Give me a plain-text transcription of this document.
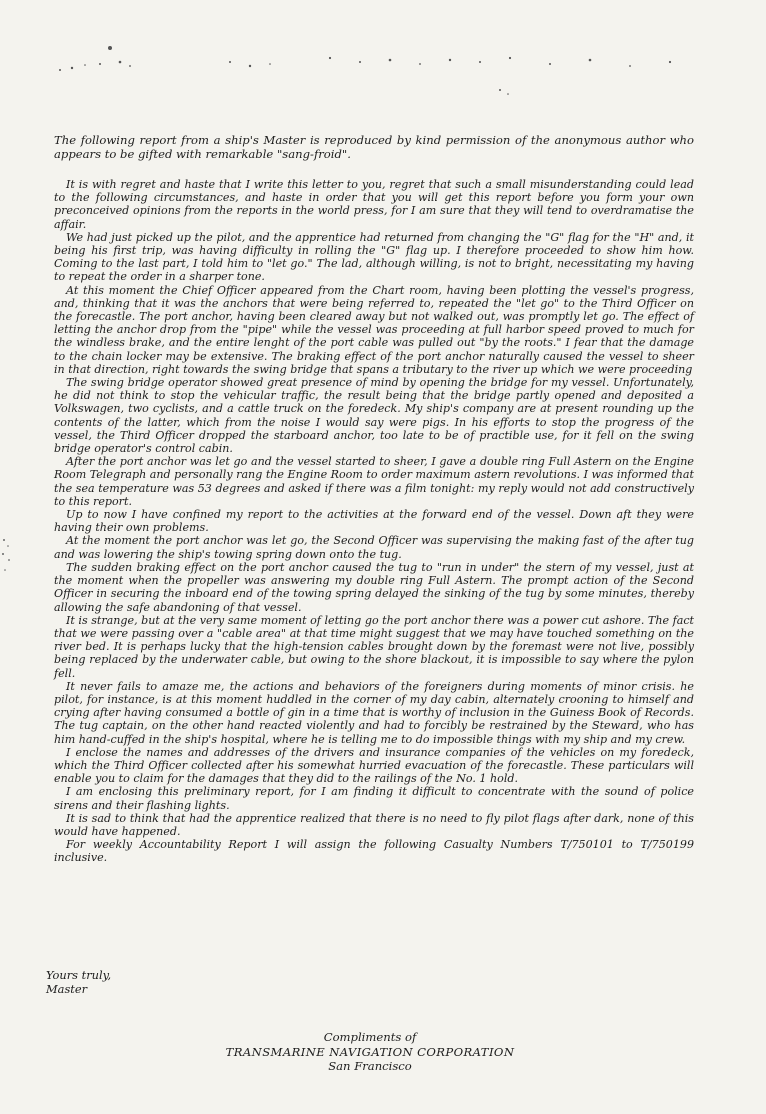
The following report from a ship's Master is reproduced by kind permission of the anonymous author who appears to be gifted with remarkable "sang-froid".

It is with regret and haste that I write this letter to you, regret that such a small misunderstanding could lead to the following circumstances, and haste in order that you will get this report before you form your own preconceived opinions from the reports in the world press, for I am sure that they will tend to overdramatise the affair.

We had just picked up the pilot, and the apprentice had returned from changing the "G" flag for the "H" and, it being his first trip, was having difficulty in rolling the "G" flag up. I therefore proceeded to show him how. Coming to the last part, I told him to "let go." The lad, although willing, is not to bright, necessitating my having to repeat the order in a sharper tone.

At this moment the Chief Officer appeared from the Chart room, having been plotting the vessel's progress, and, thinking that it was the anchors that were being referred to, repeated the "let go" to the Third Officer on the forecastle. The port anchor, having been cleared away but not walked out, was promptly let go. The effect of letting the anchor drop from the "pipe" while the vessel was proceeding at full harbor speed proved to much for the windless brake, and the entire lenght of the port cable was pulled out "by the roots." I fear that the damage to the chain locker may be extensive. The braking effect of the port anchor naturally caused the vessel to sheer in that direction, right towards the swing bridge that spans a tributary to the river up which we were proceeding

The swing bridge operator showed great presence of mind by opening the bridge for my vessel. Unfortunately, he did not think to stop the vehicular traffic, the result being that the bridge partly opened and deposited a Volkswagen, two cyclists, and a cattle truck on the foredeck. My ship's company are at present rounding up the contents of the latter, which from the noise I would say were pigs. In his efforts to stop the progress of the vessel, the Third Officer dropped the starboard anchor, too late to be of practible use, for it fell on the swing bridge operator's control cabin.

After the port anchor was let go and the vessel started to sheer, I gave a double ring Full Astern on the Engine Room Telegraph and personally rang the Engine Room to order maximum astern revolutions. I was informed that the sea temperature was 53 degrees and asked if there was a film tonight: my reply would not add constructively to this report.

Up to now I have confined my report to the activities at the forward end of the vessel. Down aft they were having their own problems.

At the moment the port anchor was let go, the Second Officer was supervising the making fast of the after tug and was lowering the ship's towing spring down onto the tug.

The sudden braking effect on the port anchor caused the tug to "run in under" the stern of my vessel, just at the moment when the propeller was answering my double ring Full Astern. The prompt action of the Second Officer in securing the inboard end of the towing spring delayed the sinking of the tug by some minutes, thereby allowing the safe abandoning of that vessel.

It is strange, but at the very same moment of letting go the port anchor there was a power cut ashore. The fact that we were passing over a "cable area" at that time might suggest that we may have touched something on the river bed. It is perhaps lucky that the high-tension cables brought down by the foremast were not live, possibly being replaced by the underwater cable, but owing to the shore blackout, it is impossible to say where the pylon fell.

It never fails to amaze me, the actions and behaviors of the foreigners during moments of minor crisis. he pilot, for instance, is at this moment huddled in the corner of my day cabin, alternately crooning to himself and crying after having consumed a bottle of gin in a time that is worthy of inclusion in the Guiness Book of Records. The tug captain, on the other hand reacted violently and had to forcibly be restrained by the Steward, who has him hand-cuffed in the ship's hospital, where he is telling me to do impossible things with my ship and my crew.

I enclose the names and addresses of the drivers and insurance companies of the vehicles on my foredeck, which the Third Officer collected after his somewhat hurried evacuation of the forecastle. These particulars will enable you to claim for the damages that they did to the railings of the No. 1 hold.

I am enclosing this preliminary report, for I am finding it difficult to concentrate with the sound of police sirens and their flashing lights.

It is sad to think that had the apprentice realized that there is no need to fly pilot flags after dark, none of this would have happened.

For weekly Accountability Report I will assign the following Casualty Numbers T/750101 to T/750199 inclusive.

Yours truly,
Master
Compliments of
TRANSMARINE NAVIGATION CORPORATION
San Francisco
